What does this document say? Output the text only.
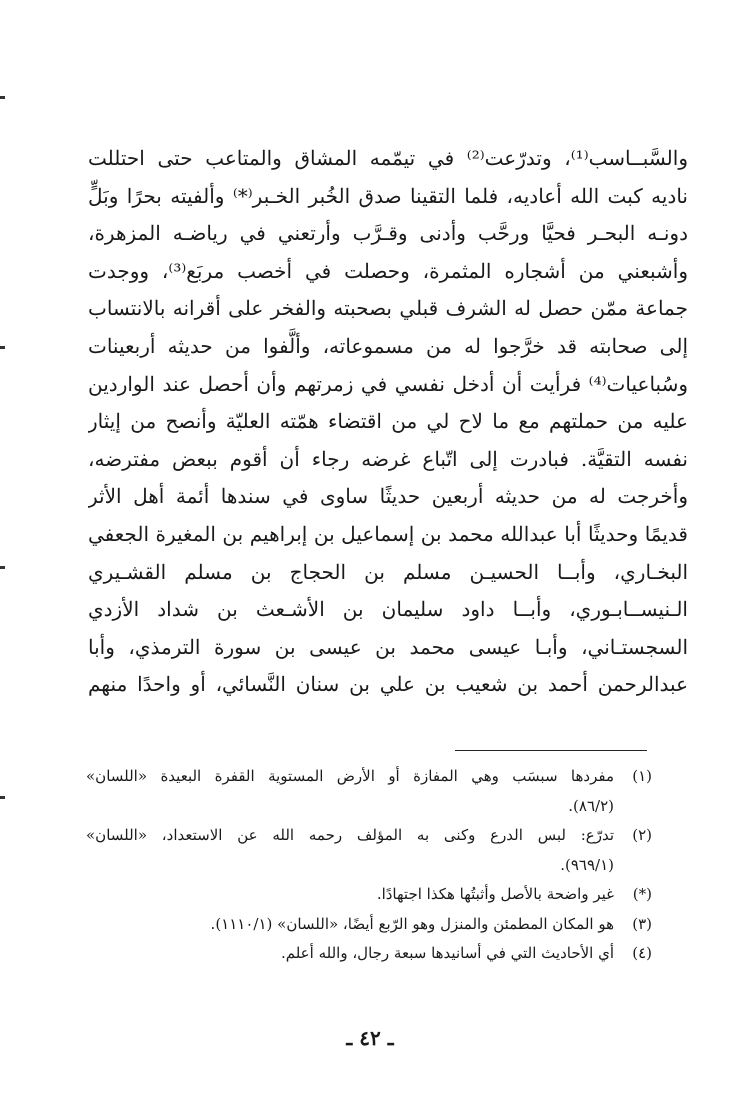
والسَّبــاسب⁽¹⁾، وتدرّعت⁽²⁾ في تيمّمه المشاق والمتاعب حتى احتللت
ناديه كبت الله أعاديه، فلما التقينا صدق الخُبر الخـبر⁽*⁾ وألفيته بحرًا وبَلٍّ
دونـه البحـر فحيَّا ورحَّب وأدنى وقـرَّب وأرتعني في رياضـه المزهرة،
وأشبعني من أشجاره المثمرة، وحصلت في أخصب مربَع⁽³⁾، ووجدت
جماعة ممّن حصل له الشرف قبلي بصحبته والفخر على أقرانه بالانتساب
إلى صحابته قد خرَّجوا له من مسموعاته، وألَّفوا من حديثه أربعينات
وسُباعيات⁽⁴⁾ فرأيت أن أدخل نفسي في زمرتهم وأن أحصل عند الواردين
عليه من حملتهم مع ما لاح لي من اقتضاء همّته العليّة وأنصح من إيثار
نفسه التقيَّة. فبادرت إلى اتّباع غرضه رجاء أن أقوم ببعض مفترضه،
وأخرجت له من حديثه أربعين حديثًا ساوى في سندها أئمة أهل الأثر
قديمًا وحديثًا أبا عبدالله محمد بن إسماعيل بن إبراهيم بن المغيرة الجعفي
البخـاري، وأبــا الحسيـن مسلم بن الحجاج بن مسلم القشـيري
الـنيســابـوري، وأبــا داود سليمان بن الأشـعث بن شداد الأزدي
السجستـاني، وأبـا عيسى محمد بن عيسى بن سورة الترمذي، وأبا
عبدالرحمن أحمد بن شعيب بن علي بن سنان النَّسائي، أو واحدًا منهم
(١)
مفردها سبسَب وهي المفازة أو الأرض المستوية القفرة البعيدة «اللسان»
(٨٦/٢).
(٢)
تدرّع: لبس الدرع وكنى به المؤلف رحمه الله عن الاستعداد، «اللسان»
(٩٦٩/١).
(*)
غير واضحة بالأصل وأثبتُها هكذا اجتهادًا.
(٣)
هو المكان المطمئن والمنزل وهو الرّبع أيضًا، «اللسان» (١١١٠/١).
(٤)
أي الأحاديث التي في أسانيدها سبعة رجال، والله أعلم.
ـ ٤٢ ـ
